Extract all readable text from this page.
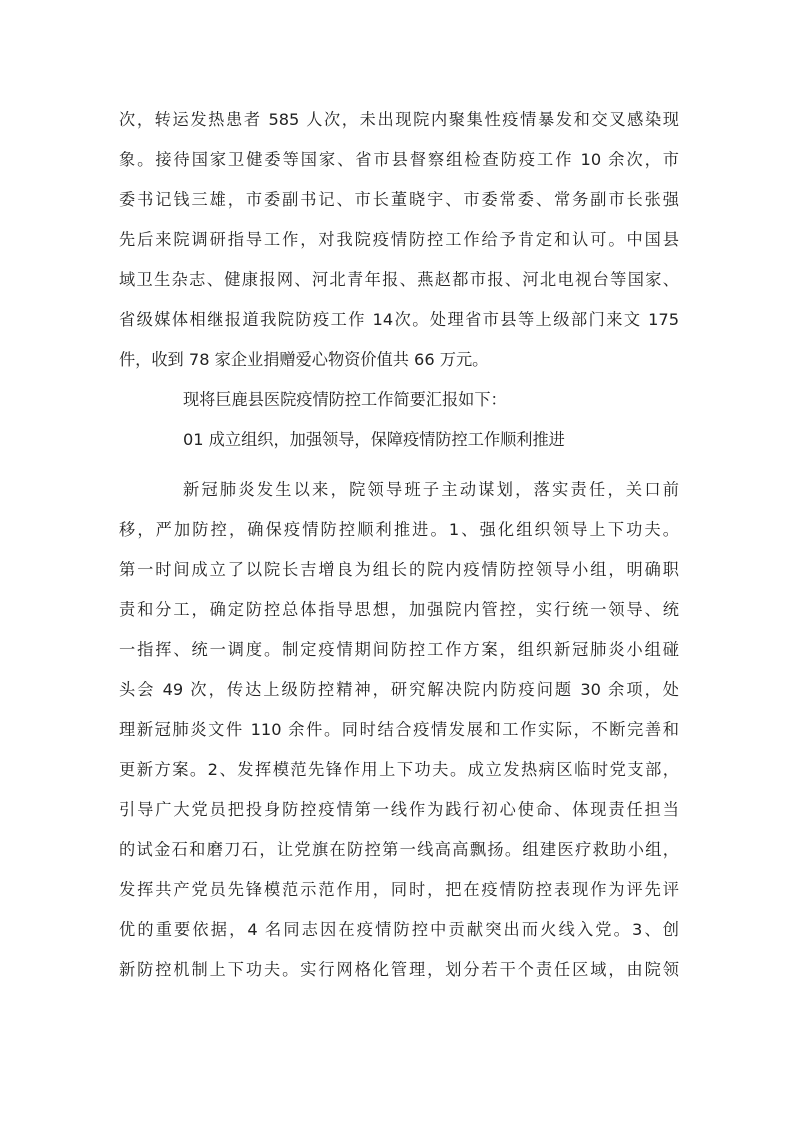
次，转运发热患者 585 人次，未出现院内聚集性疫情暴发和交叉感染现
象。接待国家卫健委等国家、省市县督察组检查防疫工作 10 余次，市
委书记钱三雄，市委副书记、市长董晓宇、市委常委、常务副市长张强
先后来院调研指导工作，对我院疫情防控工作给予肯定和认可。中国县
域卫生杂志、健康报网、河北青年报、燕赵都市报、河北电视台等国家、
省级媒体相继报道我院防疫工作 14次。处理省市县等上级部门来文 175
件，收到 78 家企业捐赠爱心物资价值共 66 万元。
现将巨鹿县医院疫情防控工作简要汇报如下：
01 成立组织，加强领导，保障疫情防控工作顺利推进
新冠肺炎发生以来，院领导班子主动谋划，落实责任，关口前
移，严加防控，确保疫情防控顺利推进。1、强化组织领导上下功夫。
第一时间成立了以院长吉增良为组长的院内疫情防控领导小组，明确职
责和分工，确定防控总体指导思想，加强院内管控，实行统一领导、统
一指挥、统一调度。制定疫情期间防控工作方案，组织新冠肺炎小组碰
头会 49 次，传达上级防控精神，研究解决院内防疫问题 30 余项，处
理新冠肺炎文件 110 余件。同时结合疫情发展和工作实际，不断完善和
更新方案。2、发挥模范先锋作用上下功夫。成立发热病区临时党支部，
引导广大党员把投身防控疫情第一线作为践行初心使命、体现责任担当
的试金石和磨刀石，让党旗在防控第一线高高飘扬。组建医疗救助小组，
发挥共产党员先锋模范示范作用，同时，把在疫情防控表现作为评先评
优的重要依据，4 名同志因在疫情防控中贡献突出而火线入党。3、创
新防控机制上下功夫。实行网格化管理，划分若干个责任区域，由院领
